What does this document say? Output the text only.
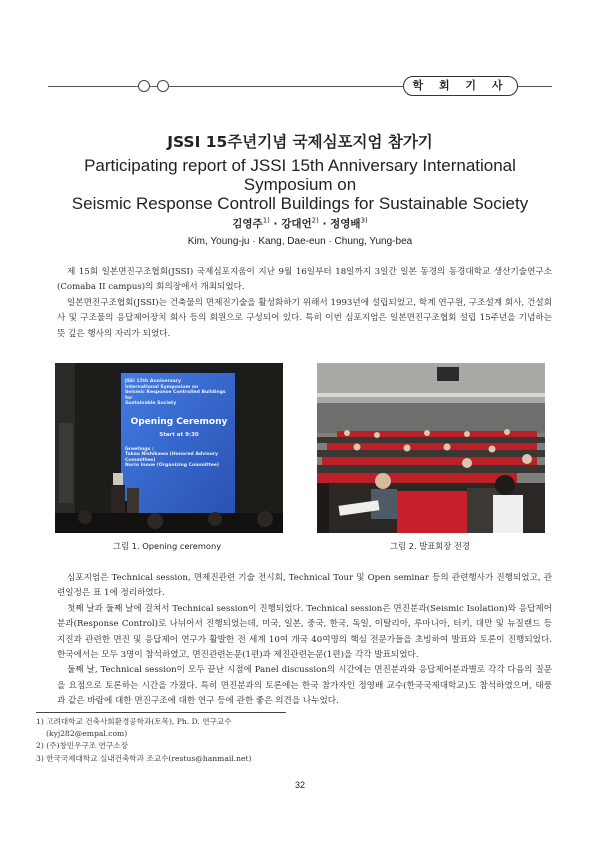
학 회 기 사
JSSI 15주년기념 국제심포지엄 참가기
Participating report of JSSI 15th Anniversary International Symposium on
Seismic Response Controll Buildings for Sustainable Society
김영주$^{1)}$ · 강대언$^{2)}$ · 정영배$^{3)}$
Kim, Young-ju · Kang, Dae-eun · Chung, Yung-bea

제 15회 일본면진구조협회(JSSI) 국제심포지움이 지난 9월 16일부터 18일까지 3일간 일본 동경의 동경대학교 생산기술연구소(Comaba II campus)의 회의장에서 개최되었다.

일본면진구조협회(JSSI)는 건축물의 면제진기술을 활성화하기 위해서 1993년에 설립되었고, 학계 연구원, 구조설계 회사, 건설회사 및 구조물의 응답제어장치 회사 등의 회원으로 구성되어 있다. 특히 이번 심포지엄은 일본면진구조협회 설립 15주년을 기념하는 뜻 깊은 행사의 자리가 되었다.

JSSI 15th Anniversary
International Symposium on
Seismic Response Controlled Buildings for
Sustainable Society
Opening Ceremony
Start at 9:30
Greetings :
Takao Nishikawa (Honored Advisory Committee)
Norio Inoue (Organizing Committee)
그림 1. Opening ceremony	그림 2. 발표회장 전경

심포지엄은 Technical session, 면제진관련 기술 전시회, Technical Tour 및 Open seminar 등의 관련행사가 진행되었고, 관련일정은 표 1에 정리하였다.

첫째 날과 둘째 날에 걸쳐서 Technical session이 진행되었다. Technical session은 면진분과(Seismic Isolation)와 응답제어분과(Response Control)로 나뉘어서 진행되었는데, 미국, 일본, 중국, 한국, 독일, 이탈리아, 루마니아, 터키, 대만 및 뉴질랜드 등 지진과 관련한 면진 및 응답제어 연구가 활발한 전 세계 10여 개국 40여명의 핵심 전문가들을 초빙하여 발표와 토론이 진행되었다. 한국에서는 모두 3명이 참석하였고, 면진관련논문(1편)과 제진관련논문(1편)을 각각 발표되었다.

둘째 날, Technical session이 모두 끝난 시점에 Panel discussion의 시간에는 면진분과와 응답제어분과별로 각각 다음의 질문을 요점으로 토론하는 시간을 가졌다. 특히 면진분과의 토론에는 한국 참가자인 정영배 교수(한국국제대학교)도 참석하였으며, 태풍과 같은 바람에 대한 면진구조에 대한 연구 등에 관한 좋은 의견을 나누었다.

1) 고려대학교 건축사회환경공학과(토목), Ph. D. 연구교수
(kyj282@empal.com)
2) (주)창민우구조 연구소장
3) 한국국제대학교 실내건축학과 조교수(restus@hanmail.net)
32
